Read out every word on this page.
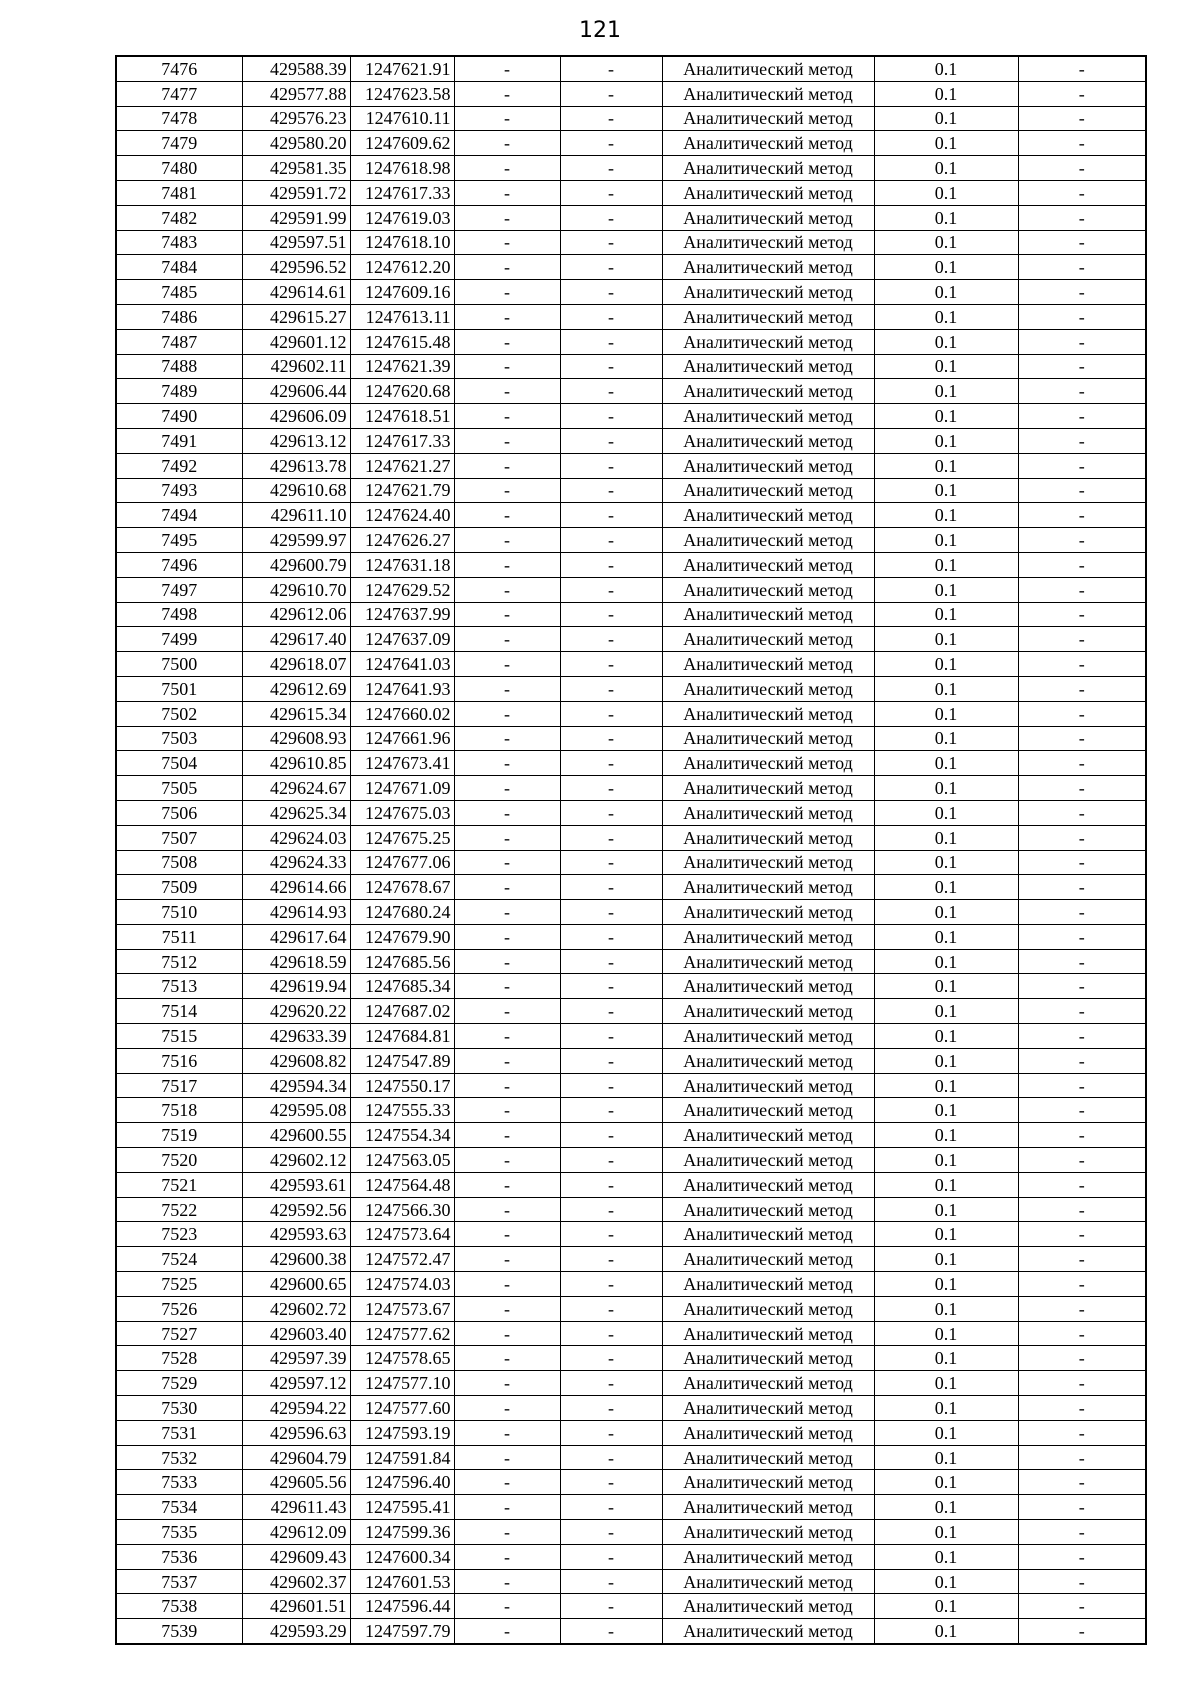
121
7476	429588.39	1247621.91	-	-	Аналитический метод	0.1	-
7477	429577.88	1247623.58	-	-	Аналитический метод	0.1	-
7478	429576.23	1247610.11	-	-	Аналитический метод	0.1	-
7479	429580.20	1247609.62	-	-	Аналитический метод	0.1	-
7480	429581.35	1247618.98	-	-	Аналитический метод	0.1	-
7481	429591.72	1247617.33	-	-	Аналитический метод	0.1	-
7482	429591.99	1247619.03	-	-	Аналитический метод	0.1	-
7483	429597.51	1247618.10	-	-	Аналитический метод	0.1	-
7484	429596.52	1247612.20	-	-	Аналитический метод	0.1	-
7485	429614.61	1247609.16	-	-	Аналитический метод	0.1	-
7486	429615.27	1247613.11	-	-	Аналитический метод	0.1	-
7487	429601.12	1247615.48	-	-	Аналитический метод	0.1	-
7488	429602.11	1247621.39	-	-	Аналитический метод	0.1	-
7489	429606.44	1247620.68	-	-	Аналитический метод	0.1	-
7490	429606.09	1247618.51	-	-	Аналитический метод	0.1	-
7491	429613.12	1247617.33	-	-	Аналитический метод	0.1	-
7492	429613.78	1247621.27	-	-	Аналитический метод	0.1	-
7493	429610.68	1247621.79	-	-	Аналитический метод	0.1	-
7494	429611.10	1247624.40	-	-	Аналитический метод	0.1	-
7495	429599.97	1247626.27	-	-	Аналитический метод	0.1	-
7496	429600.79	1247631.18	-	-	Аналитический метод	0.1	-
7497	429610.70	1247629.52	-	-	Аналитический метод	0.1	-
7498	429612.06	1247637.99	-	-	Аналитический метод	0.1	-
7499	429617.40	1247637.09	-	-	Аналитический метод	0.1	-
7500	429618.07	1247641.03	-	-	Аналитический метод	0.1	-
7501	429612.69	1247641.93	-	-	Аналитический метод	0.1	-
7502	429615.34	1247660.02	-	-	Аналитический метод	0.1	-
7503	429608.93	1247661.96	-	-	Аналитический метод	0.1	-
7504	429610.85	1247673.41	-	-	Аналитический метод	0.1	-
7505	429624.67	1247671.09	-	-	Аналитический метод	0.1	-
7506	429625.34	1247675.03	-	-	Аналитический метод	0.1	-
7507	429624.03	1247675.25	-	-	Аналитический метод	0.1	-
7508	429624.33	1247677.06	-	-	Аналитический метод	0.1	-
7509	429614.66	1247678.67	-	-	Аналитический метод	0.1	-
7510	429614.93	1247680.24	-	-	Аналитический метод	0.1	-
7511	429617.64	1247679.90	-	-	Аналитический метод	0.1	-
7512	429618.59	1247685.56	-	-	Аналитический метод	0.1	-
7513	429619.94	1247685.34	-	-	Аналитический метод	0.1	-
7514	429620.22	1247687.02	-	-	Аналитический метод	0.1	-
7515	429633.39	1247684.81	-	-	Аналитический метод	0.1	-
7516	429608.82	1247547.89	-	-	Аналитический метод	0.1	-
7517	429594.34	1247550.17	-	-	Аналитический метод	0.1	-
7518	429595.08	1247555.33	-	-	Аналитический метод	0.1	-
7519	429600.55	1247554.34	-	-	Аналитический метод	0.1	-
7520	429602.12	1247563.05	-	-	Аналитический метод	0.1	-
7521	429593.61	1247564.48	-	-	Аналитический метод	0.1	-
7522	429592.56	1247566.30	-	-	Аналитический метод	0.1	-
7523	429593.63	1247573.64	-	-	Аналитический метод	0.1	-
7524	429600.38	1247572.47	-	-	Аналитический метод	0.1	-
7525	429600.65	1247574.03	-	-	Аналитический метод	0.1	-
7526	429602.72	1247573.67	-	-	Аналитический метод	0.1	-
7527	429603.40	1247577.62	-	-	Аналитический метод	0.1	-
7528	429597.39	1247578.65	-	-	Аналитический метод	0.1	-
7529	429597.12	1247577.10	-	-	Аналитический метод	0.1	-
7530	429594.22	1247577.60	-	-	Аналитический метод	0.1	-
7531	429596.63	1247593.19	-	-	Аналитический метод	0.1	-
7532	429604.79	1247591.84	-	-	Аналитический метод	0.1	-
7533	429605.56	1247596.40	-	-	Аналитический метод	0.1	-
7534	429611.43	1247595.41	-	-	Аналитический метод	0.1	-
7535	429612.09	1247599.36	-	-	Аналитический метод	0.1	-
7536	429609.43	1247600.34	-	-	Аналитический метод	0.1	-
7537	429602.37	1247601.53	-	-	Аналитический метод	0.1	-
7538	429601.51	1247596.44	-	-	Аналитический метод	0.1	-
7539	429593.29	1247597.79	-	-	Аналитический метод	0.1	-
